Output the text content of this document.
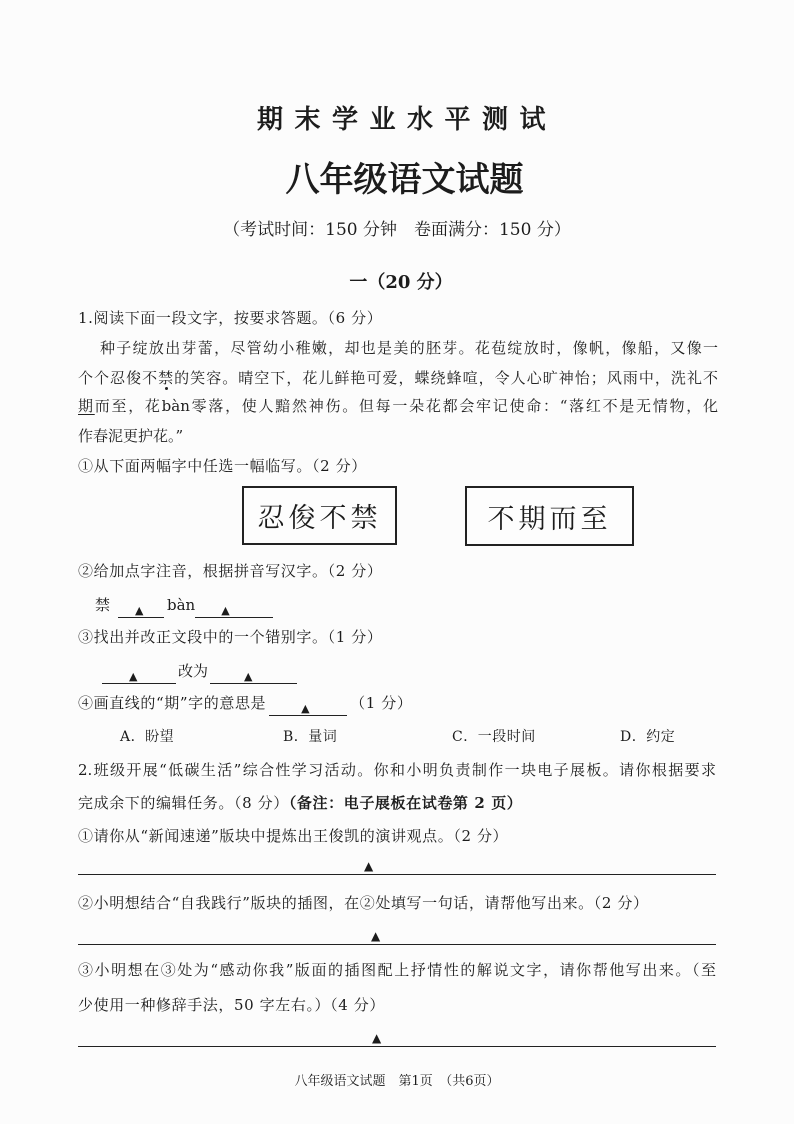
期末学业水平测试
八年级语文试题
（考试时间：150 分钟　卷面满分：150 分）
一（20 分）
1.阅读下面一段文字，按要求答题。（6 分）
种子绽放出芽蕾，尽管幼小稚嫩，却也是美的胚芽。花苞绽放时，像帆，像船，又像一
个个忍俊不禁的笑容。晴空下，花儿鲜艳可爱，蝶绕蜂喧，令人心旷神怡；风雨中，洗礼不
期而至，花bàn零落，使人黯然神伤。但每一朵花都会牢记使命：“落红不是无情物，化
作春泥更护花。”
①从下面两幅字中任选一幅临写。（2 分）
忍俊不禁	不期而至
②给加点字注音，根据拼音写汉字。（2 分）
禁 ▲ bàn ▲
③找出并改正文段中的一个错别字。（1 分）
▲	改为	▲
④画直线的“期”字的意思是	▲	（1 分）
A．盼望	B．量词	C．一段时间	D．约定
2.班级开展“低碳生活”综合性学习活动。你和小明负责制作一块电子展板。请你根据要求
完成余下的编辑任务。（8 分）（备注：电子展板在试卷第 2 页）
①请你从“新闻速递”版块中提炼出王俊凯的演讲观点。（2 分）
▲
②小明想结合“自我践行”版块的插图，在②处填写一句话，请帮他写出来。（2 分）
▲
③小明想在③处为“感动你我”版面的插图配上抒情性的解说文字，请你帮他写出来。（至
少使用一种修辞手法，50 字左右。）（4 分）
▲
八年级语文试题　第1页　（共6页）
